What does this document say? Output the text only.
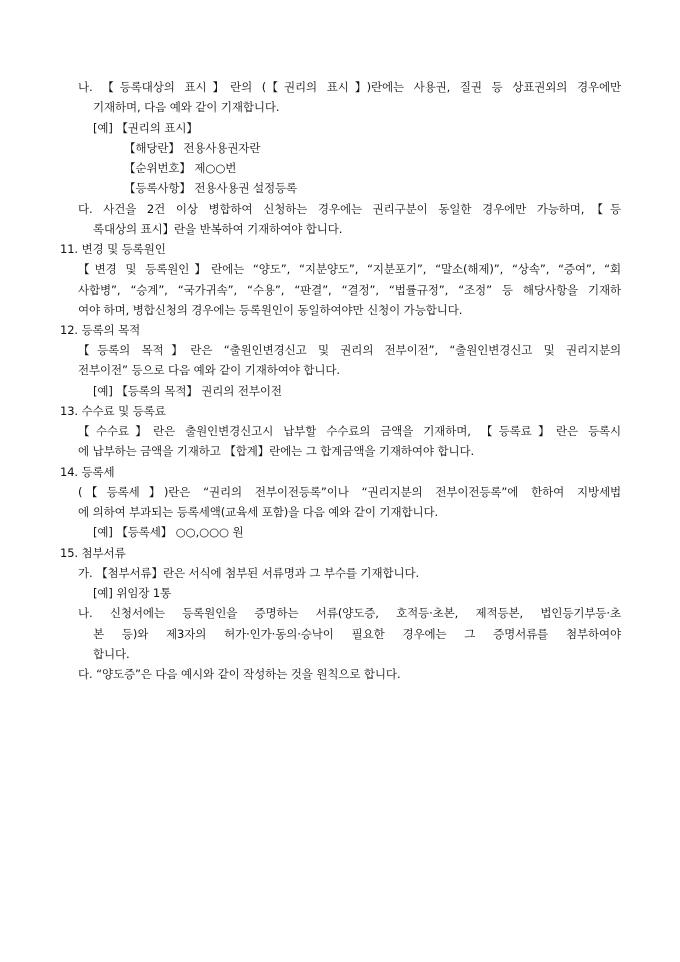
나. 【등록대상의 표시】란의 (【권리의 표시】)란에는 사용권, 질권 등 상표권외의 경우에만
기재하며, 다음 예와 같이 기재합니다.
[예] 【권리의 표시】
【해당란】 전용사용권자란
【순위번호】 제○○번
【등록사항】 전용사용권 설정등록
다. 사건을 2건 이상 병합하여 신청하는 경우에는 권리구분이 동일한 경우에만 가능하며,【등
록대상의 표시】란을 반복하여 기재하여야 합니다.
11. 변경 및 등록원인
【변경 및 등록원인】란에는 “양도”, “지분양도”, “지분포기”, “말소(해제)”, “상속”, “증여”, “회
사합병”, “승계”, “국가귀속”, “수용”, “판결”, “결정”, “법률규정”, “조정” 등 해당사항을 기재하
여야 하며, 병합신청의 경우에는 등록원인이 동일하여야만 신청이 가능합니다.
12. 등록의 목적
【등록의 목적】란은 “출원인변경신고 및 권리의 전부이전”, “출원인변경신고 및 권리지분의
전부이전” 등으로 다음 예와 같이 기재하여야 합니다.
[예] 【등록의 목적】 권리의 전부이전
13. 수수료 및 등록료
【수수료】란은 출원인변경신고시 납부할 수수료의 금액을 기재하며, 【등록료】란은 등록시
에 납부하는 금액을 기재하고 【합계】란에는 그 합계금액을 기재하여야 합니다.
14. 등록세
(【등록세】)란은 “권리의 전부이전등록”이나 “권리지분의 전부이전등록”에 한하여 지방세법
에 의하여 부과되는 등록세액(교육세 포함)을 다음 예와 같이 기재합니다.
[예] 【등록세】 ○○,○○○ 원
15. 첨부서류
가. 【첨부서류】란은 서식에 첨부된 서류명과 그 부수를 기재합니다.
[예] 위임장 1통
나. 신청서에는 등록원인을 증명하는 서류(양도증, 호적등·초본, 제적등본, 법인등기부등·초
본 등)와 제3자의 허가·인가·동의·승낙이 필요한 경우에는 그 증명서류를 첨부하여야
합니다.
다. “양도증”은 다음 예시와 같이 작성하는 것을 원칙으로 합니다.
